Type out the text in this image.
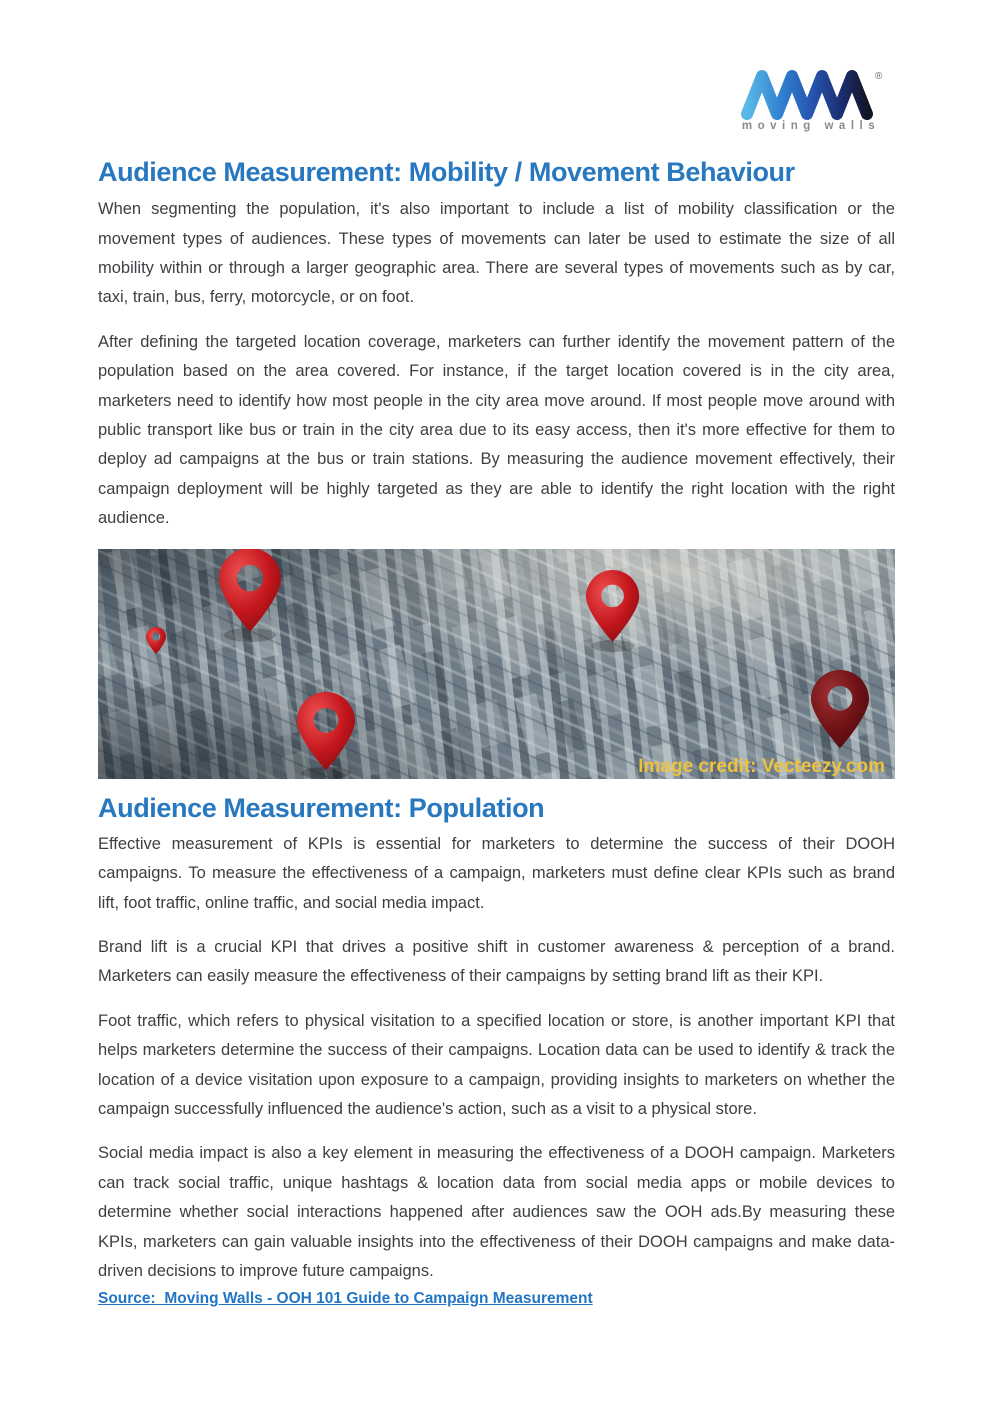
®
moving walls
Audience Measurement: Mobility / Movement Behaviour

When segmenting the population, it's also important to include a list of mobility classification or the movement types of audiences. These types of movements can later be used to estimate the size of all mobility within or through a larger geographic area. There are several types of movements such as by car, taxi, train, bus, ferry, motorcycle, or on foot.

After defining the targeted location coverage, marketers can further identify the movement pattern of the population based on the area covered. For instance, if the target location covered is in the city area, marketers need to identify how most people in the city area move around. If most people move around with public transport like bus or train in the city area due to its easy access, then it's more effective for them to deploy ad campaigns at the bus or train stations. By measuring the audience movement effectively, their campaign deployment will be highly targeted as they are able to identify the right location with the right audience.

Image credit: Vecteezy.com
Audience Measurement: Population

Effective measurement of KPIs is essential for marketers to determine the success of their DOOH campaigns. To measure the effectiveness of a campaign, marketers must define clear KPIs such as brand lift, foot traffic, online traffic, and social media impact.

Brand lift is a crucial KPI that drives a positive shift in customer awareness & perception of a brand. Marketers can easily measure the effectiveness of their campaigns by setting brand lift as their KPI.

Foot traffic, which refers to physical visitation to a specified location or store, is another important KPI that helps marketers determine the success of their campaigns. Location data can be used to identify & track the location of a device visitation upon exposure to a campaign, providing insights to marketers on whether the campaign successfully influenced the audience's action, such as a visit to a physical store.

Social media impact is also a key element in measuring the effectiveness of a DOOH campaign. Marketers can track social traffic, unique hashtags & location data from social media apps or mobile devices to determine whether social interactions happened after audiences saw the OOH ads.By measuring these KPIs, marketers can gain valuable insights into the effectiveness of their DOOH campaigns and make data-driven decisions to improve future campaigns.

Source:  Moving Walls - OOH 101 Guide to Campaign Measurement
